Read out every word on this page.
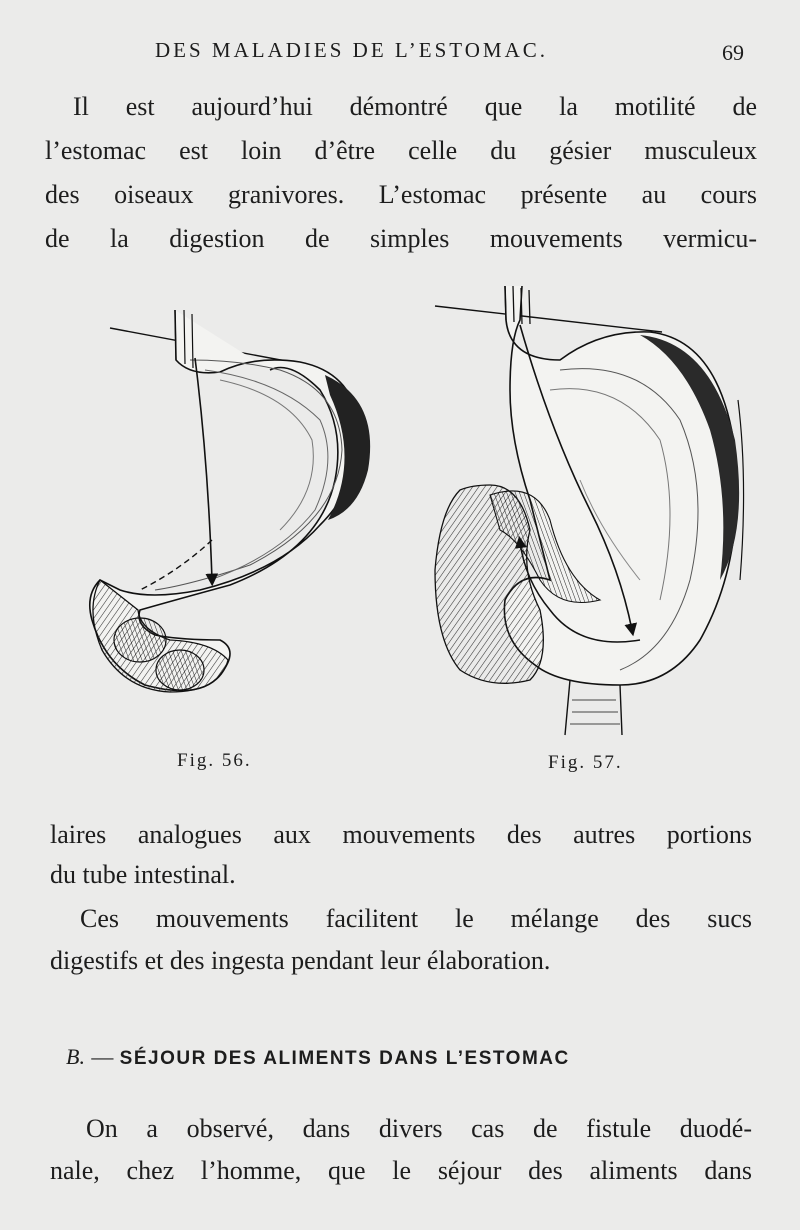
DES MALADIES DE L’ESTOMAC.	69
Il est aujourd’hui démontré que la motilité de
l’estomac est loin d’être celle du gésier musculeux
des oiseaux granivores. L’estomac présente au cours
de la digestion de simples mouvements vermicu-
Fig. 56.	Fig. 57.
laires analogues aux mouvements des autres portions
du tube intestinal.
Ces mouvements facilitent le mélange des sucs
digestifs et des ingesta pendant leur élaboration.
B. — SÉJOUR DES ALIMENTS DANS L’ESTOMAC
On a observé, dans divers cas de fistule duodé-
nale, chez l’homme, que le séjour des aliments dans
